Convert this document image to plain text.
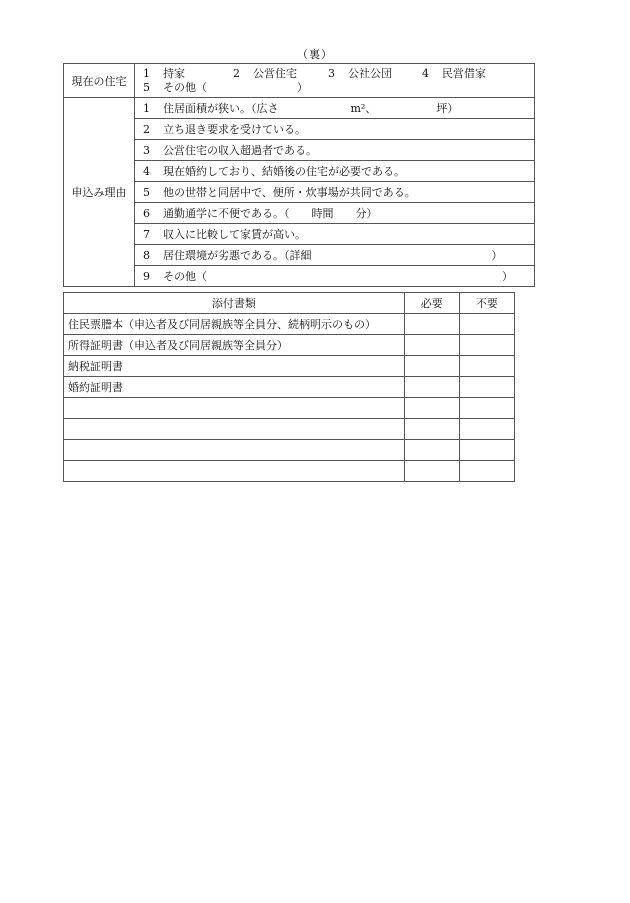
（裏）
現在の住宅	1 持家 2 公営住宅 3 公社公団 4 民営借家
5 その他（ ）

申込み理由	1 住居面積が狭い。（広さ m²、 坪）
	2 立ち退き要求を受けている。
	3 公営住宅の収入超過者である。
	4 現在婚約しており、結婚後の住宅が必要である。
	5 他の世帯と同居中で、便所・炊事場が共同である。
	6 通勤通学に不便である。（ 時間 分）
	7 収入に比較して家賃が高い。
	8 居住環境が劣悪である。（詳細 ）
	9 その他（ ）
添付書類	必要	不要
住民票謄本（申込者及び同居親族等全員分、続柄明示のもの）		
所得証明書（申込者及び同居親族等全員分）		
納税証明書		
婚約証明書		
